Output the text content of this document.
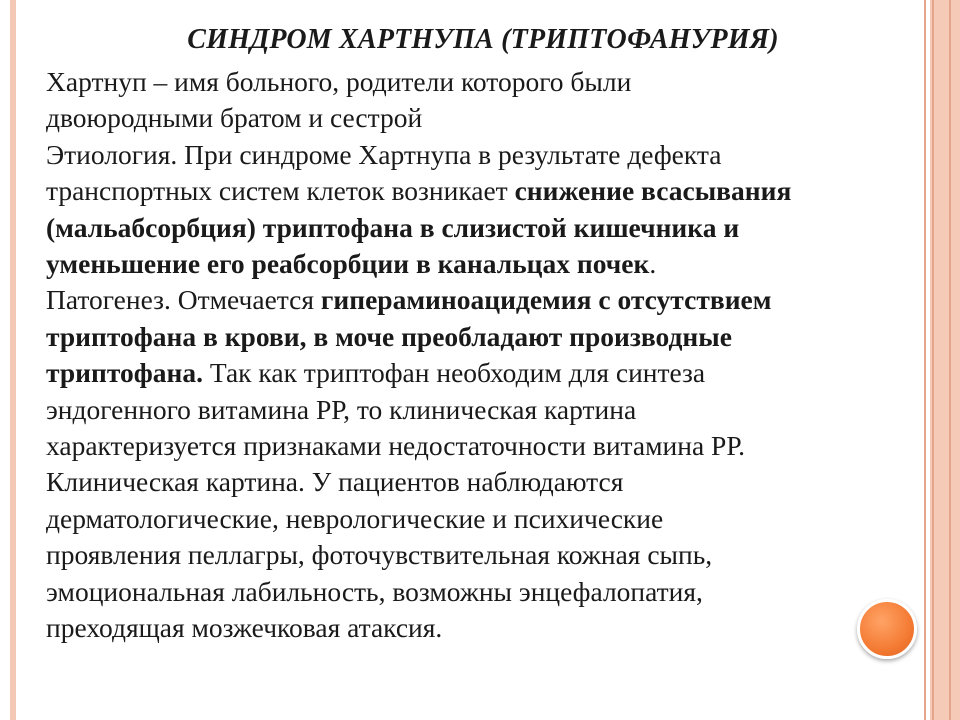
СИНДРОМ ХАРТНУПА (ТРИПТОФАНУРИЯ)

Хартнуп – имя больного, родители которого были
двоюродными братом и сестрой

Этиология. При синдроме Хартнупа в результате дефекта
транспортных систем клеток возникает снижение всасывания
(мальабсорбция) триптофана в слизистой кишечника и
уменьшение его реабсорбции в канальцах почек.

Патогенез. Отмечается гипераминоацидемия с отсутствием
триптофана в крови, в моче преобладают производные
триптофана. Так как триптофан необходим для синтеза
эндогенного витамина РР, то клиническая картина
характеризуется признаками недостаточности витамина РР.

Клиническая картина. У пациентов наблюдаются
дерматологические, неврологические и психические
проявления пеллагры, фоточувствительная кожная сыпь,
эмоциональная лабильность, возможны энцефалопатия,
преходящая мозжечковая атаксия.
